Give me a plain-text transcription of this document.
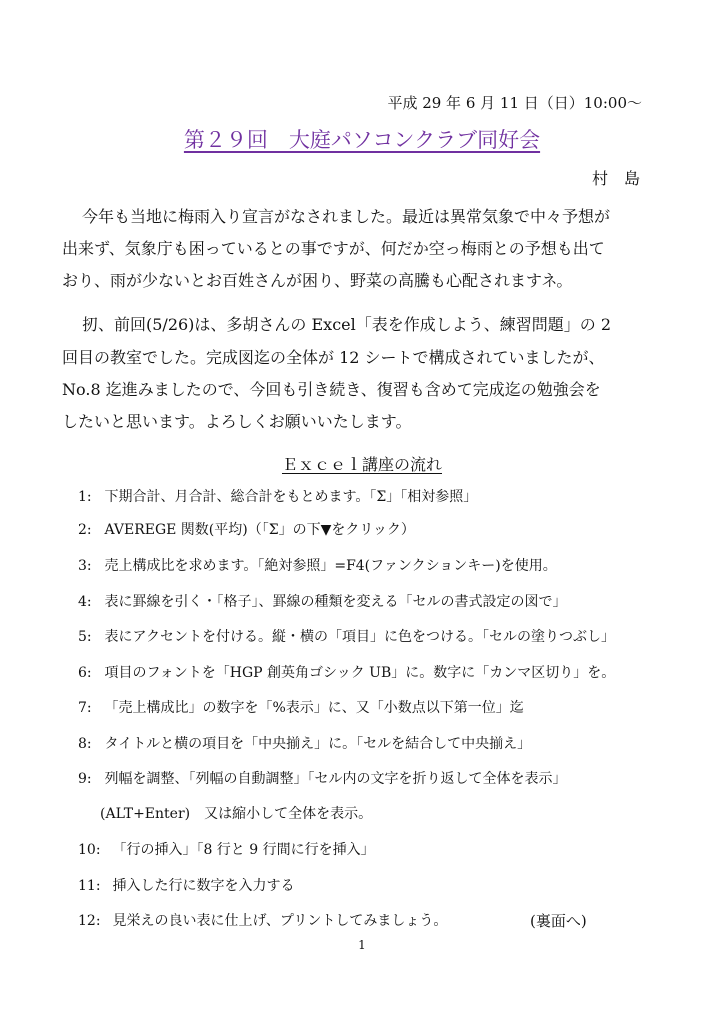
平成 29 年 6 月 11 日（日）10:00～
第２９回　大庭パソコンクラブ同好会
村　島
今年も当地に梅雨入り宣言がなされました。最近は異常気象で中々予想が
出来ず、気象庁も困っているとの事ですが、何だか空っ梅雨との予想も出て
おり、雨が少ないとお百姓さんが困り、野菜の高騰も心配されますネ。
扨、前回(5/26)は、多胡さんの Excel「表を作成しよう、練習問題」の 2
回目の教室でした。完成図迄の全体が 12 シートで構成されていましたが、
No.8 迄進みましたので、今回も引き続き、復習も含めて完成迄の勉強会を
したいと思います。よろしくお願いいたします。
Ｅｘｃｅｌ講座の流れ
1: 下期合計、月合計、総合計をもとめます。「Σ」「相対参照」
2: AVEREGE 関数(平均)（「Σ」の下▼をクリック）
3: 売上構成比を求めます。「絶対参照」=F4(ファンクションキー)を使用。
4: 表に罫線を引く・「格子」、罫線の種類を変える「セルの書式設定の図で」
5: 表にアクセントを付ける。縦・横の「項目」に色をつける。「セルの塗りつぶし」
6: 項目のフォントを「HGP 創英角ゴシック UB」に。数字に「カンマ区切り」を。
7: 「売上構成比」の数字を「%表示」に、又「小数点以下第一位」迄
8: タイトルと横の項目を「中央揃え」に。「セルを結合して中央揃え」
9: 列幅を調整、「列幅の自動調整」「セル内の文字を折り返して全体を表示」
(ALT+Enter)　又は縮小して全体を表示。
10: 「行の挿入」「8 行と 9 行間に行を挿入」
11: 挿入した行に数字を入力する
12: 見栄えの良い表に仕上げ、プリントしてみましょう。	(裏面へ)
1
